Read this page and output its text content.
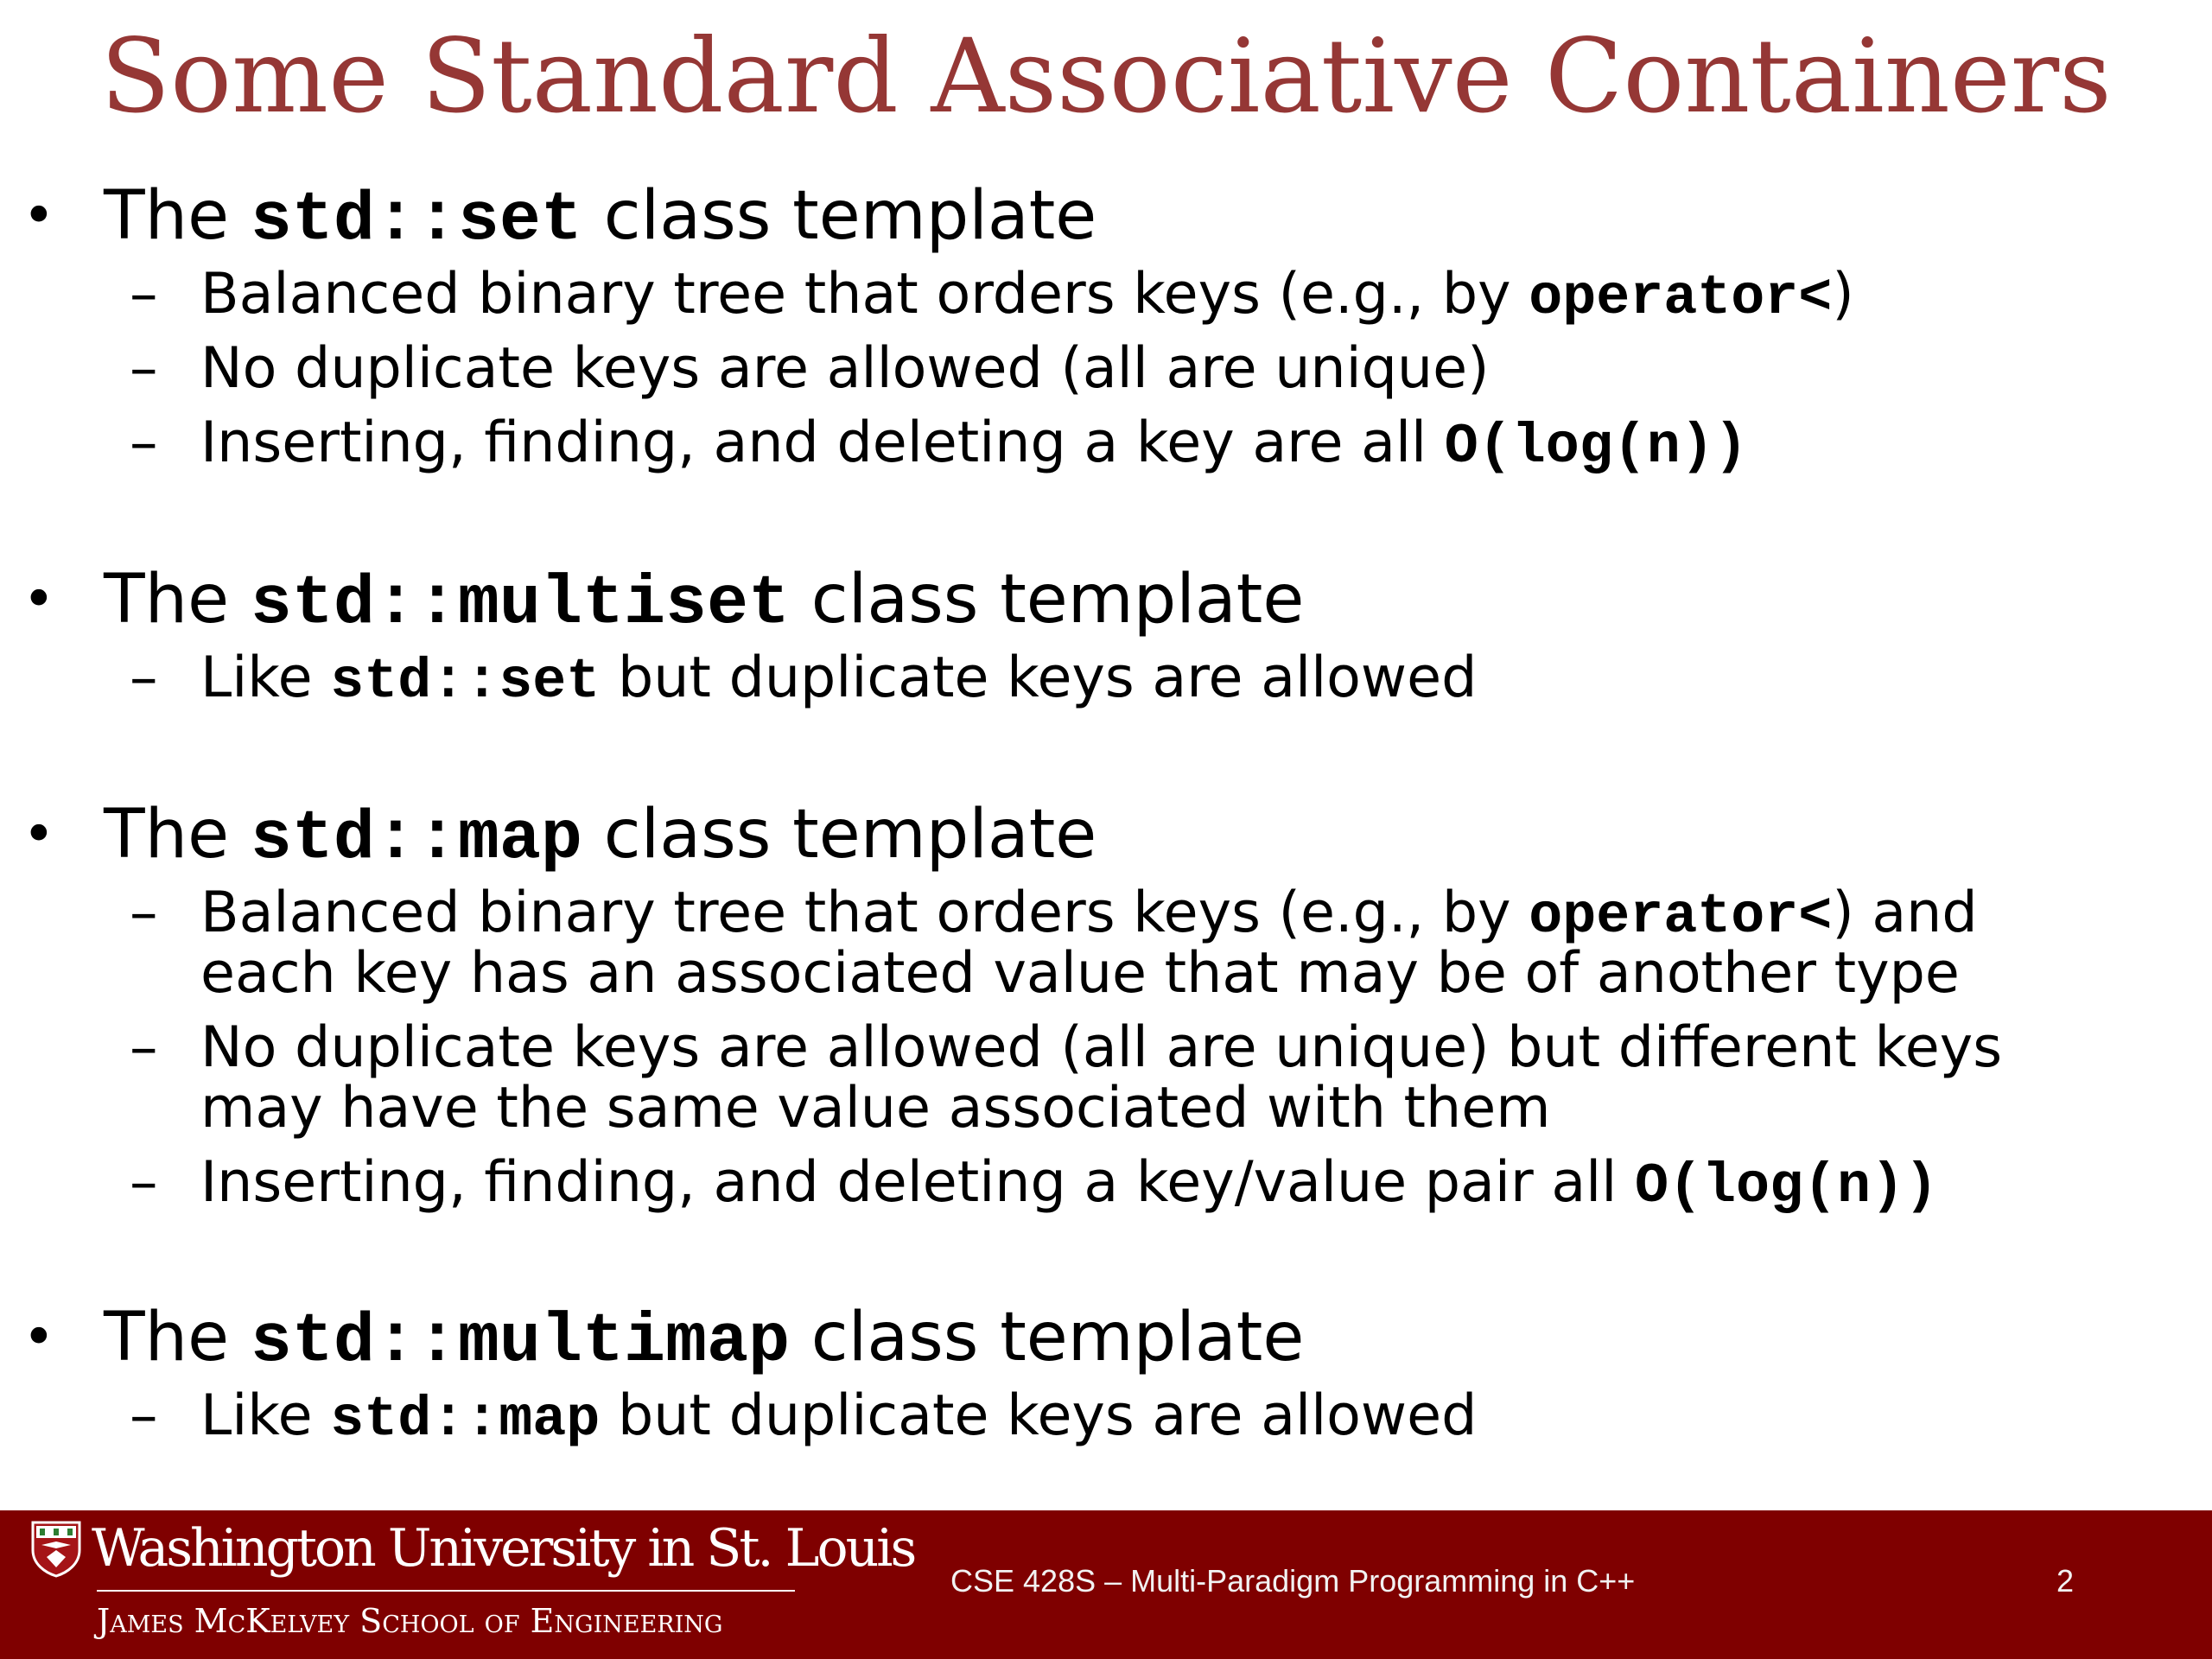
Some Standard Associative Containers
• The std::set class template
– Balanced binary tree that orders keys (e.g., by operator<)
– No duplicate keys are allowed (all are unique)
– Inserting, finding, and deleting a key are all O(log(n))
• The std::multiset class template
– Like std::set but duplicate keys are allowed
• The std::map class template
– Balanced binary tree that orders keys (e.g., by operator<) and
each key has an associated value that may be of another type
– No duplicate keys are allowed (all are unique) but different keys
may have the same value associated with them
– Inserting, finding, and deleting a key/value pair all O(log(n))
• The std::multimap class template
– Like std::map but duplicate keys are allowed
Washington University in St. Louis
James McKelvey School of Engineering
CSE 428S – Multi-Paradigm Programming in C++	2
